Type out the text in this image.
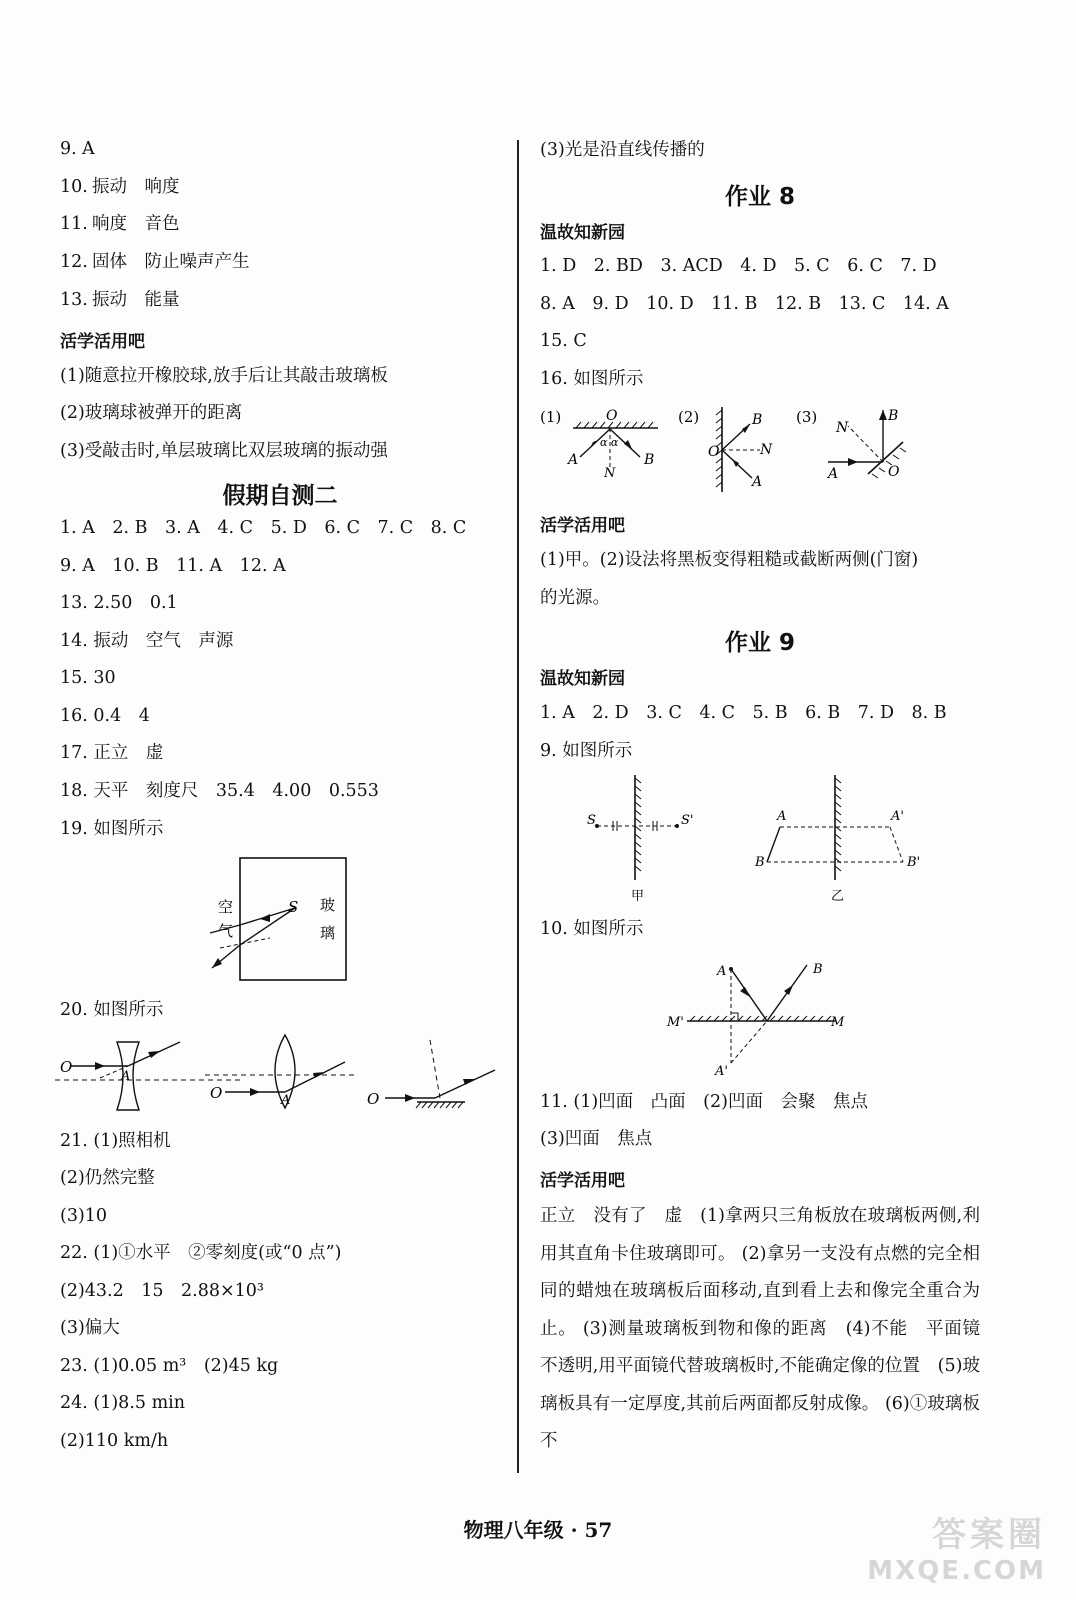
9. A
10. 振动　响度
11. 响度　音色
12. 固体　防止噪声产生
13. 振动　能量
活学活用吧
(1)随意拉开橡胶球,放手后让其敲击玻璃板
(2)玻璃球被弹开的距离
(3)受敲击时,单层玻璃比双层玻璃的振动强
假期自测二
1. A　2. B　3. A　4. C　5. D　6. C　7. C　8. C
9. A　10. B　11. A　12. A
13. 2.50　0.1
14. 振动　空气　声源
15. 30
16. 0.4　4
17. 正立　虚
18. 天平　刻度尺　35.4　4.00　0.553
19. 如图所示
S
空
气
玻
璃
20. 如图所示
O
A
O	A	O
21. (1)照相机
(2)仍然完整
(3)10
22. (1)①水平　②零刻度(或“0 点”)
(2)43.2　15　2.88×10³
(3)偏大
23. (1)0.05 m³　(2)45 kg
24. (1)8.5 min
(2)110 km/h
(3)光是沿直线传播的
作业 8
温故知新园
1. D　2. BD　3. ACD　4. D　5. C　6. C　7. D
8. A　9. D　10. D　11. B　12. B　13. C　14. A
15. C
16. 如图所示
(1)	O
A	B
N
α α
(2)
O
B
N
A
(3)
A
B
N
O
活学活用吧
(1)甲。(2)设法将黑板变得粗糙或截断两侧(门窗)
的光源。
作业 9
温故知新园
1. A　2. D　3. C　4. C　5. B　6. B　7. D　8. B
9. 如图所示
S	S'
甲
A	A'
B	B'
乙
10. 如图所示
A	B
M'	M
A'
11. (1)凹面　凸面　(2)凹面　会聚　焦点
(3)凹面　焦点
活学活用吧
正立　没有了　虚　(1)拿两只三角板放在玻璃板两侧,利用其直角卡住玻璃即可。 (2)拿另一支没有点燃的完全相同的蜡烛在玻璃板后面移动,直到看上去和像完全重合为止。 (3)测量玻璃板到物和像的距离　(4)不能　平面镜不透明,用平面镜代替玻璃板时,不能确定像的位置　(5)玻璃板具有一定厚度,其前后两面都反射成像。 (6)①玻璃板不
物理八年级 · 57	答案圈
MXQE.COM
